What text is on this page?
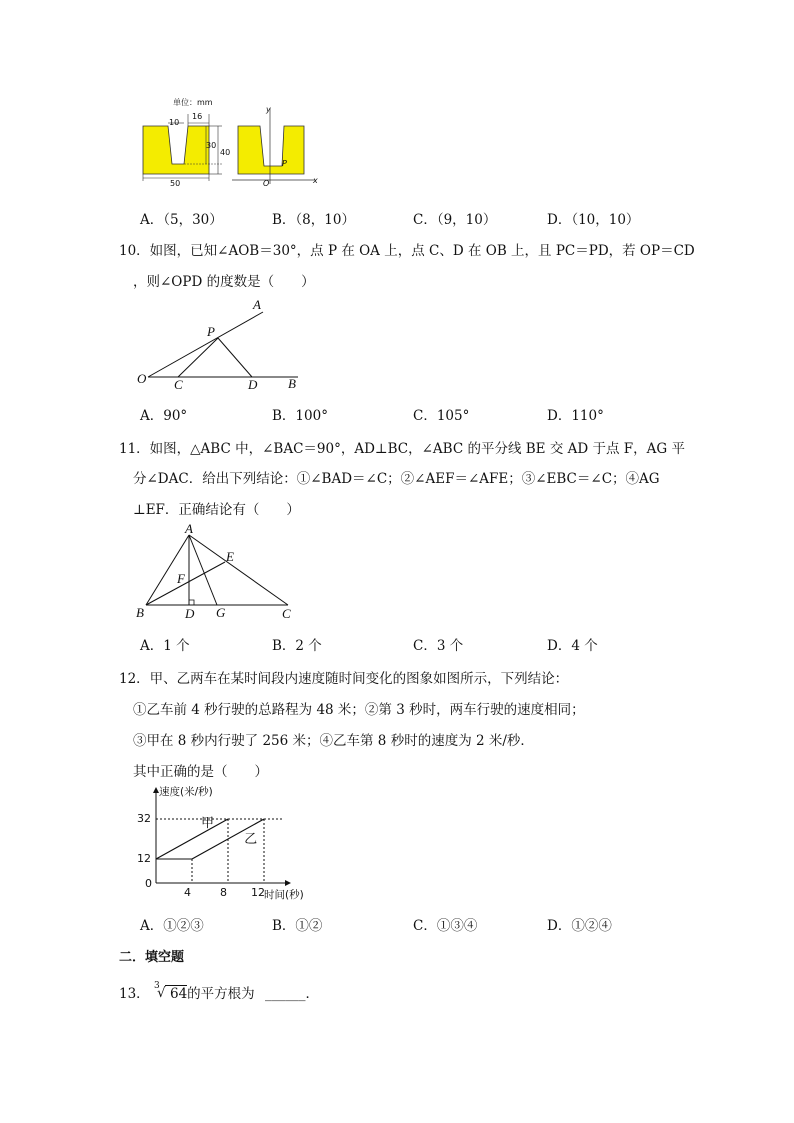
单位：mm
16
10
30
40
50
y
x
O
P
A．（5，30）	B．（8，10）	C．（9，10）	D．（10，10）
10．如图，已知∠AOB＝30°，点 P 在 OA 上，点 C、D 在 OB 上，且 PC＝PD，若 OP＝CD
，则∠OPD 的度数是（　　）
O
A
B
P
C	D
A．90°	B．100°	C．105°	D．110°
11．如图，△ABC 中，∠BAC＝90°，AD⊥BC，∠ABC 的平分线 BE 交 AD 于点 F，AG 平
分∠DAC．给出下列结论：①∠BAD＝∠C；②∠AEF＝∠AFE；③∠EBC＝∠C；④AG
⊥EF．正确结论有（　　）
A
B	C
D
E
F
G
A．1 个	B．2 个	C．3 个	D．4 个
12．甲、乙两车在某时间段内速度随时间变化的图象如图所示，下列结论：
①乙车前 4 秒行驶的总路程为 48 米；②第 3 秒时，两车行驶的速度相同；
③甲在 8 秒内行驶了 256 米；④乙车第 8 秒时的速度为 2 米/秒．
其中正确的是（　　）
速度(米/秒)
时间(秒)
0
12
32
4	8 12
甲
乙
A．①②③	B．①②	C．①③④	D．①②④
二．填空题
13． 3
√ 64的平方根为 ______．
